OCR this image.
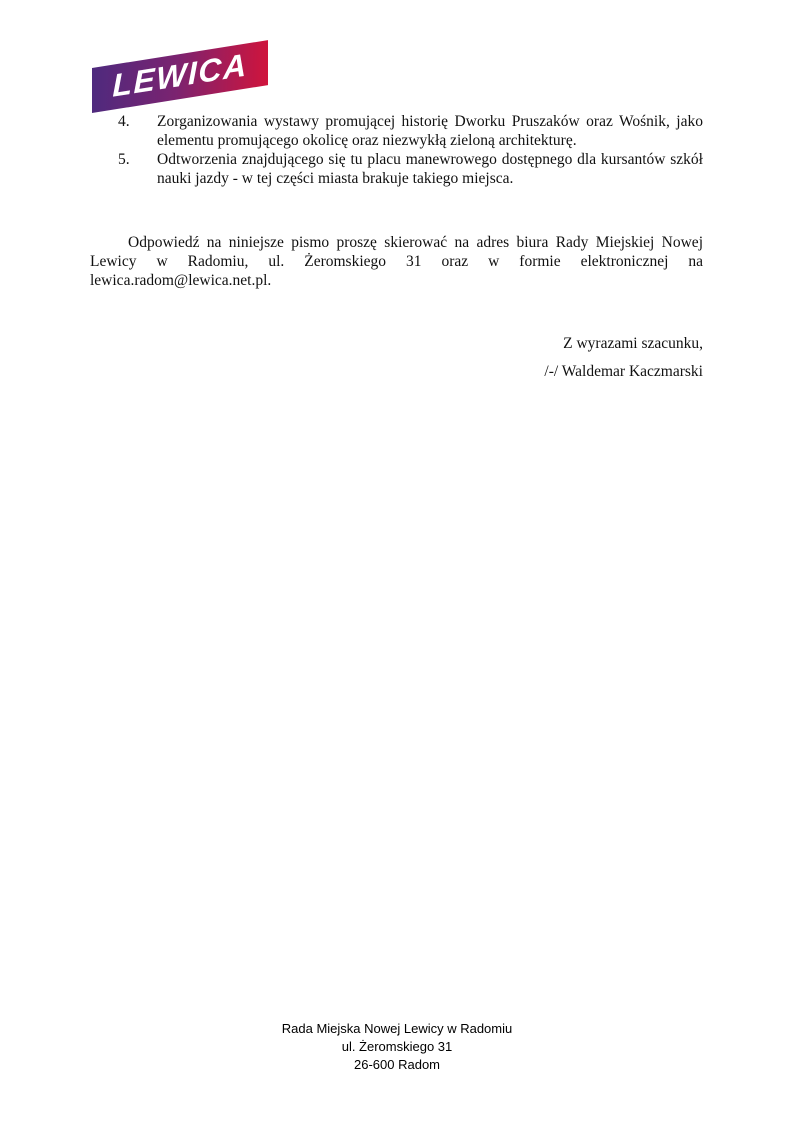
LEWICA
4.	Zorganizowania wystawy promującej historię Dworku Pruszaków oraz Wośnik, jako
elementu promującego okolicę oraz niezwykłą zieloną architekturę.
5.	Odtworzenia znajdującego się tu placu manewrowego dostępnego dla kursantów szkół
nauki jazdy - w tej części miasta brakuje takiego miejsca.
Odpowiedź na niniejsze pismo proszę skierować na adres biura Rady Miejskiej Nowej
Lewicy w Radomiu, ul. Żeromskiego 31 oraz w formie elektronicznej na
lewica.radom@lewica.net.pl.
Z wyrazami szacunku,
/-/ Waldemar Kaczmarski
Rada Miejska Nowej Lewicy w Radomiu
ul. Żeromskiego 31
26-600 Radom
